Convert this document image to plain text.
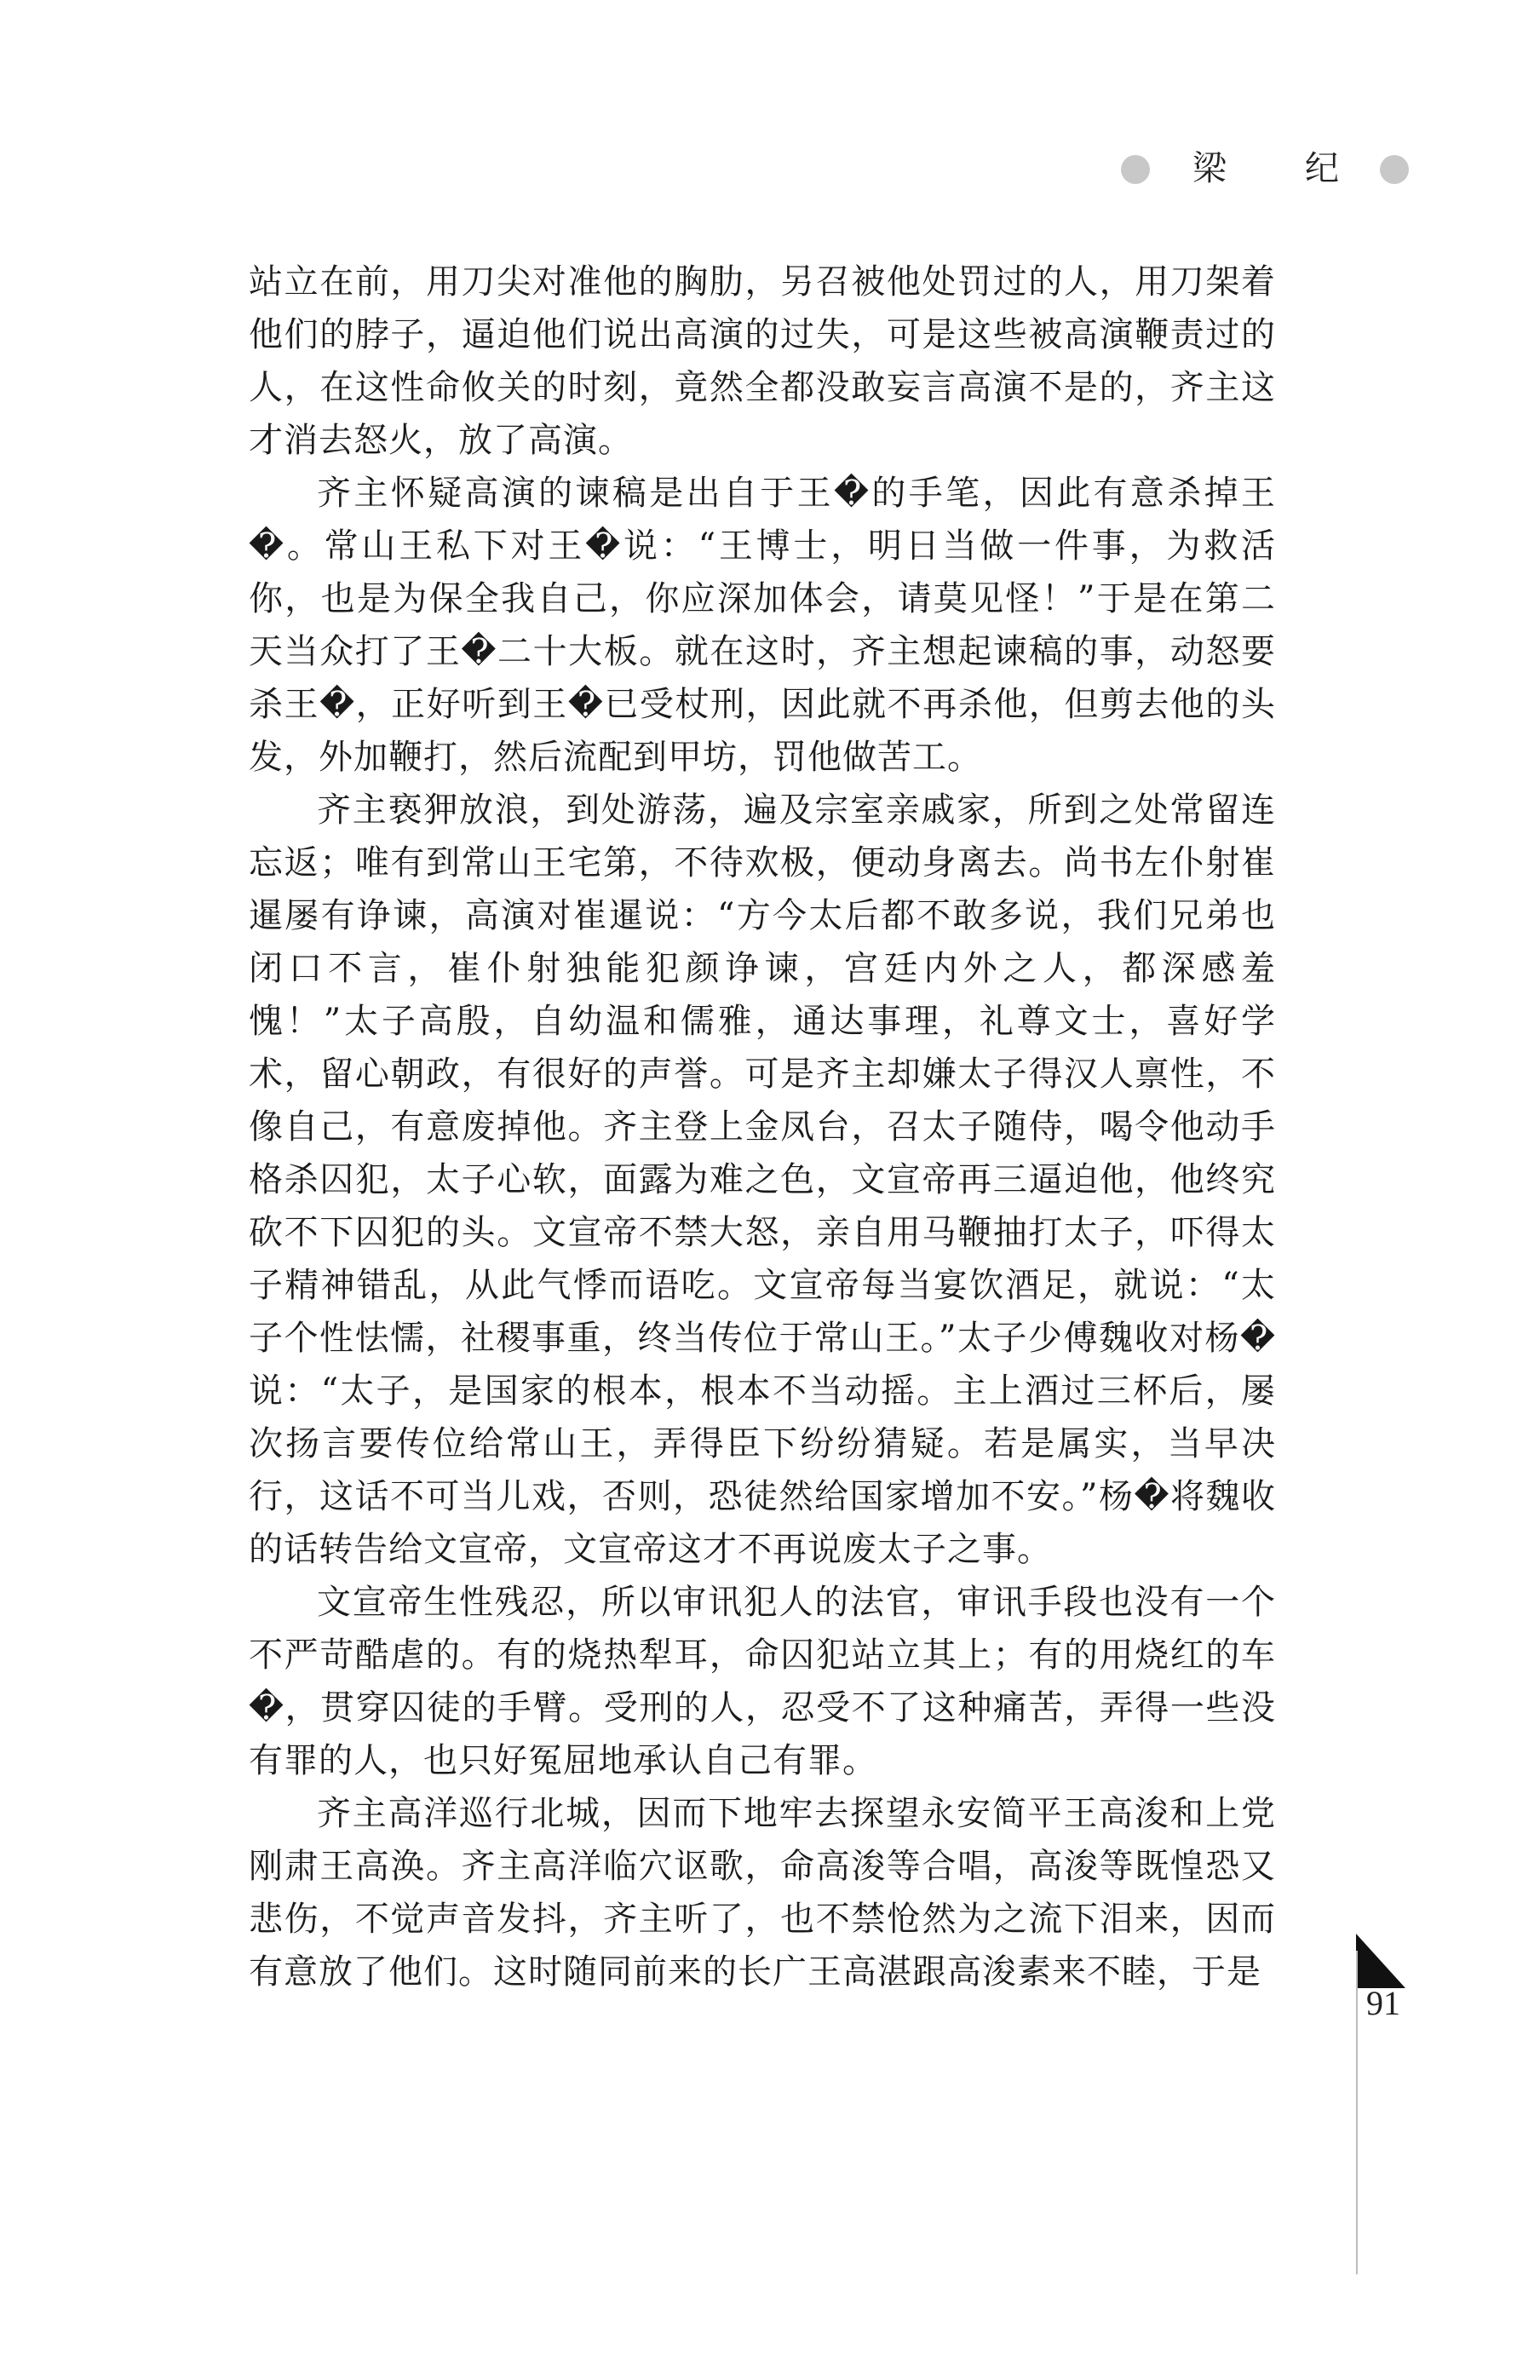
梁 纪

站立在前，用刀尖对准他的胸肋，另召被他处罚过的人，用刀架着他们的脖子，逼迫他们说出高演的过失，可是这些被高演鞭责过的人，在这性命攸关的时刻，竟然全都没敢妄言高演不是的，齐主这才消去怒火，放了高演。

齐主怀疑高演的谏稿是出自于王�的手笔，因此有意杀掉王�。常山王私下对王�说：“王博士，明日当做一件事，为救活你，也是为保全我自己，你应深加体会，请莫见怪！”于是在第二天当众打了王�二十大板。就在这时，齐主想起谏稿的事，动怒要杀王�，正好听到王�已受杖刑，因此就不再杀他，但剪去他的头发，外加鞭打，然后流配到甲坊，罚他做苦工。

齐主亵狎放浪，到处游荡，遍及宗室亲戚家，所到之处常留连忘返；唯有到常山王宅第，不待欢极，便动身离去。尚书左仆射崔暹屡有诤谏，高演对崔暹说：“方今太后都不敢多说，我们兄弟也闭口不言，崔仆射独能犯颜诤谏，宫廷内外之人，都深感羞愧！”太子高殷，自幼温和儒雅，通达事理，礼尊文士，喜好学术，留心朝政，有很好的声誉。可是齐主却嫌太子得汉人禀性，不像自己，有意废掉他。齐主登上金凤台，召太子随侍，喝令他动手格杀囚犯，太子心软，面露为难之色，文宣帝再三逼迫他，他终究砍不下囚犯的头。文宣帝不禁大怒，亲自用马鞭抽打太子，吓得太子精神错乱，从此气悸而语吃。文宣帝每当宴饮酒足，就说：“太子个性怯懦，社稷事重，终当传位于常山王。”太子少傅魏收对杨�说：“太子，是国家的根本，根本不当动摇。主上酒过三杯后，屡次扬言要传位给常山王，弄得臣下纷纷猜疑。若是属实，当早决行，这话不可当儿戏，否则，恐徒然给国家增加不安。”杨�将魏收的话转告给文宣帝，文宣帝这才不再说废太子之事。

文宣帝生性残忍，所以审讯犯人的法官，审讯手段也没有一个不严苛酷虐的。有的烧热犁耳，命囚犯站立其上；有的用烧红的车�，贯穿囚徒的手臂。受刑的人，忍受不了这种痛苦，弄得一些没有罪的人，也只好冤屈地承认自己有罪。

齐主高洋巡行北城，因而下地牢去探望永安简平王高浚和上党刚肃王高涣。齐主高洋临穴讴歌，命高浚等合唱，高浚等既惶恐又悲伤，不觉声音发抖，齐主听了，也不禁怆然为之流下泪来，因而有意放了他们。这时随同前来的长广王高湛跟高浚素来不睦，于是

91
